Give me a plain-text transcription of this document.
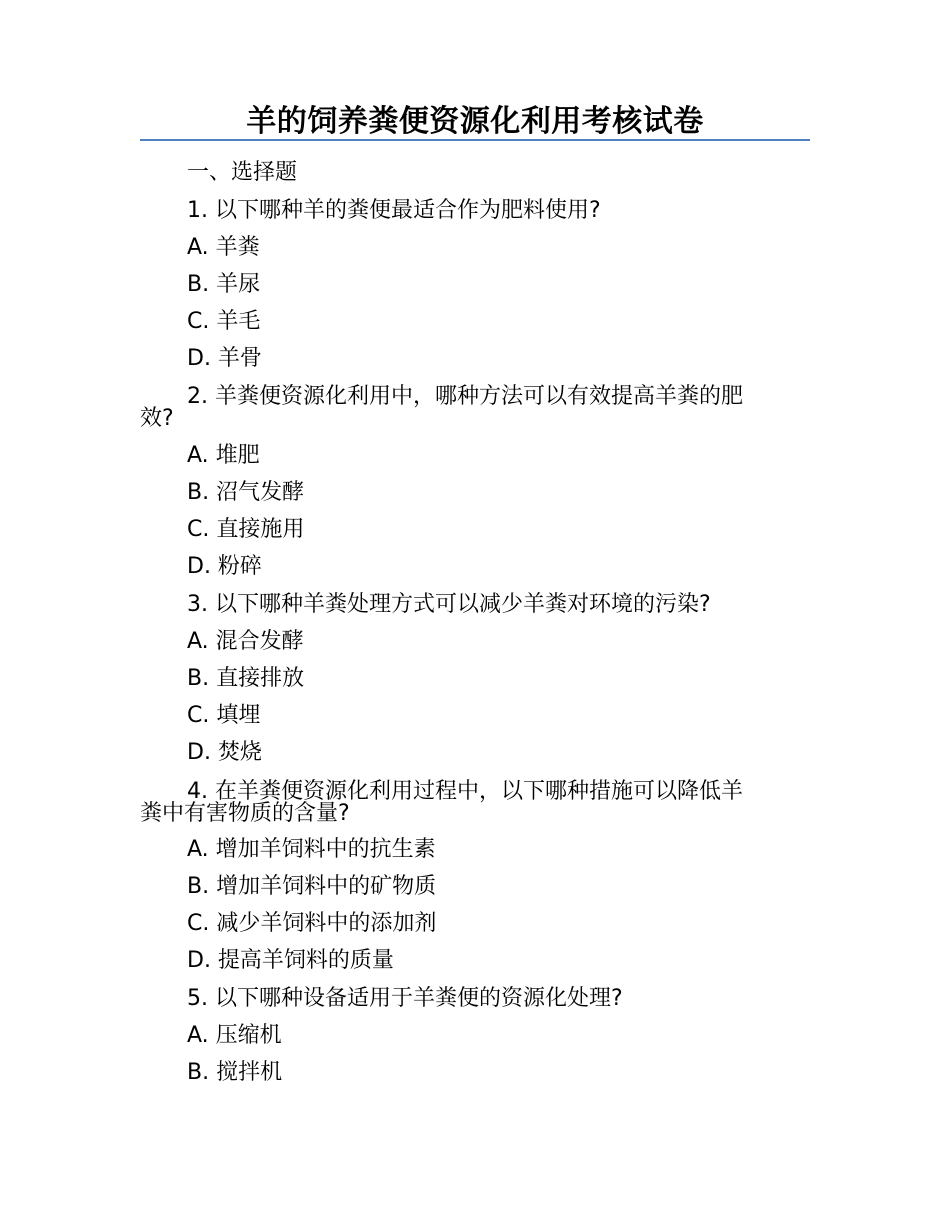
羊的饲养粪便资源化利用考核试卷
一、选择题
1. 以下哪种羊的粪便最适合作为肥料使用?
A. 羊粪
B. 羊尿
C. 羊毛
D. 羊骨
2. 羊粪便资源化利用中，哪种方法可以有效提高羊粪的肥
效?
A. 堆肥
B. 沼气发酵
C. 直接施用
D. 粉碎
3. 以下哪种羊粪处理方式可以减少羊粪对环境的污染?
A. 混合发酵
B. 直接排放
C. 填埋
D. 焚烧
4. 在羊粪便资源化利用过程中，以下哪种措施可以降低羊
粪中有害物质的含量?
A. 增加羊饲料中的抗生素
B. 增加羊饲料中的矿物质
C. 减少羊饲料中的添加剂
D. 提高羊饲料的质量
5. 以下哪种设备适用于羊粪便的资源化处理?
A. 压缩机
B. 搅拌机
